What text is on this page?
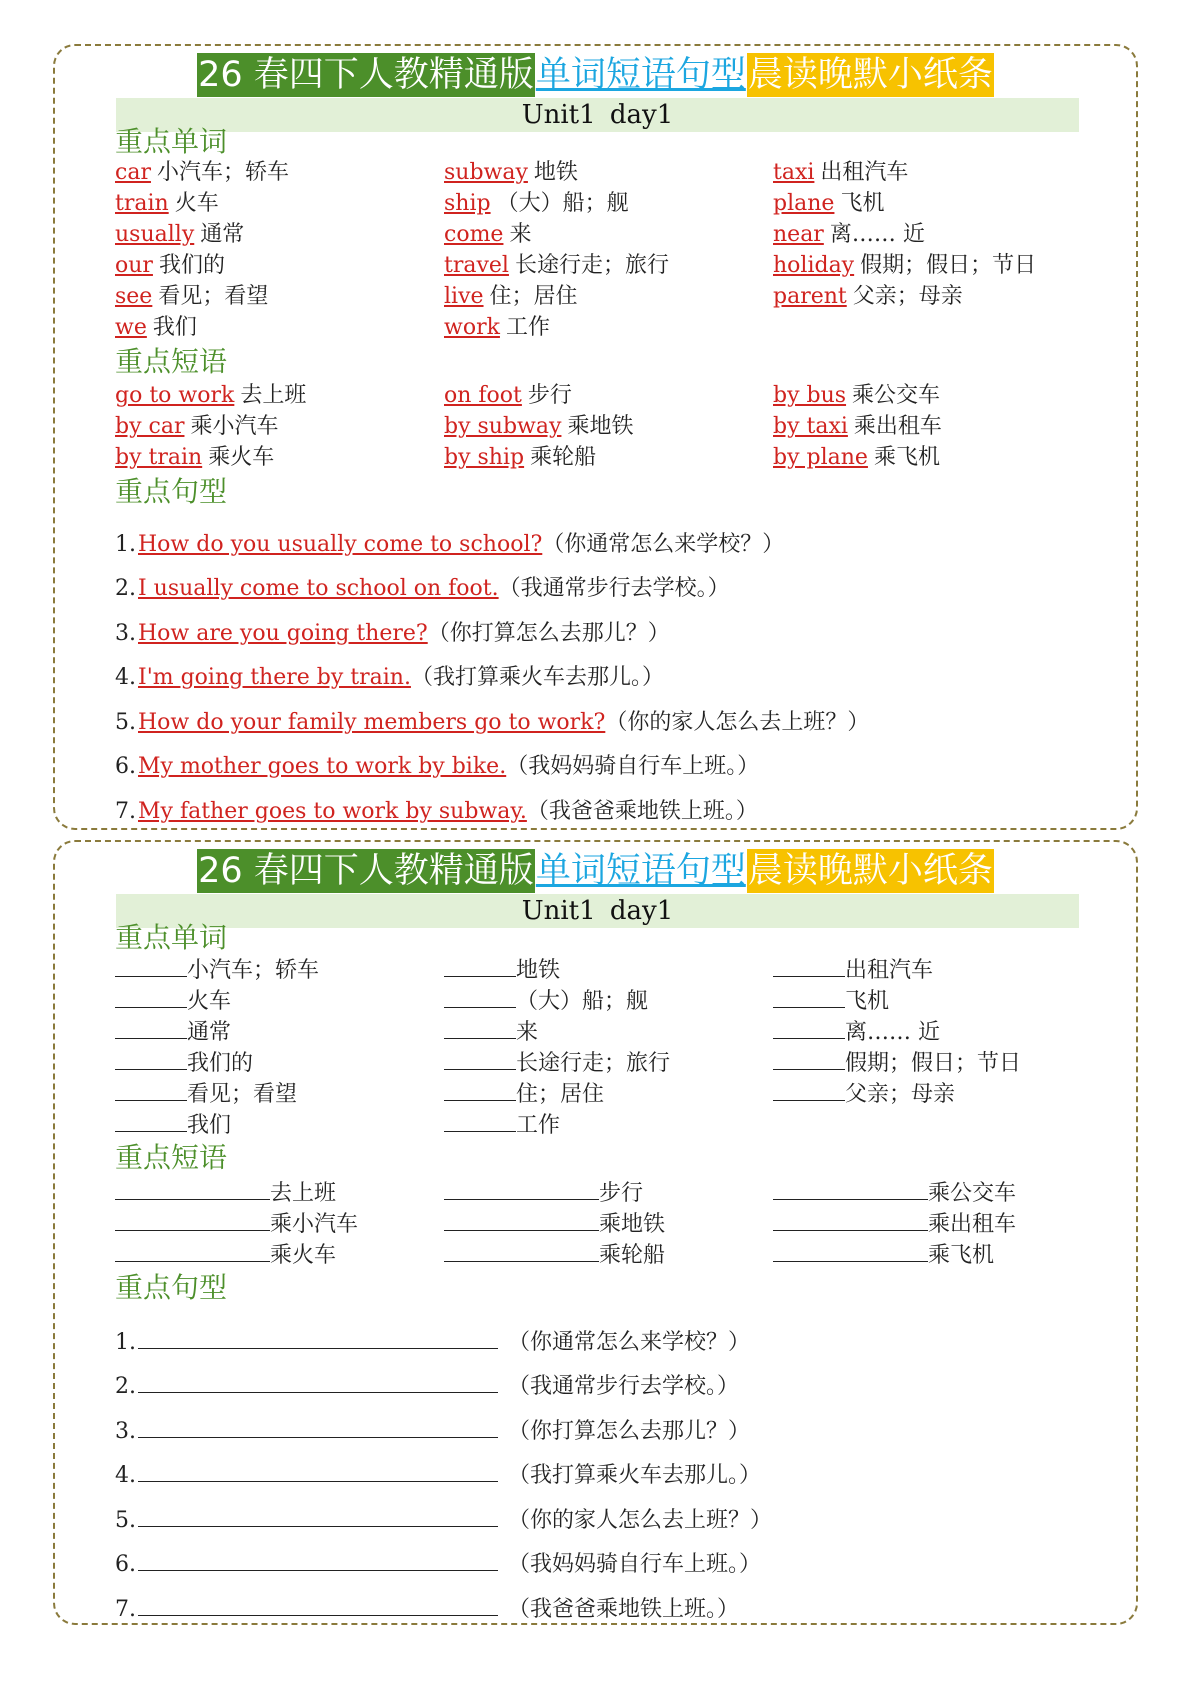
26 春四下人教精通版单词短语句型晨读晚默小纸条
Unit1 day1
重点单词
car 小汽车；轿车	subway 地铁	taxi 出租汽车
train 火车	ship （大）船；舰	plane 飞机
usually 通常	come 来	near 离…… 近
our 我们的	travel 长途行走；旅行	holiday 假期；假日；节日
see 看见；看望	live 住；居住	parent 父亲；母亲
we 我们	work 工作
重点短语
go to work 去上班	on foot 步行	by bus 乘公交车
by car 乘小汽车	by subway 乘地铁	by taxi 乘出租车
by train 乘火车	by ship 乘轮船	by plane 乘飞机
重点句型
1.How do you usually come to school?（你通常怎么来学校？）
2.I usually come to school on foot.（我通常步行去学校。）
3.How are you going there?（你打算怎么去那儿？）
4.I'm going there by train.（我打算乘火车去那儿。）
5.How do your family members go to work?（你的家人怎么去上班？）
6.My mother goes to work by bike.（我妈妈骑自行车上班。）
7.My father goes to work by subway.（我爸爸乘地铁上班。）
26 春四下人教精通版单词短语句型晨读晚默小纸条
Unit1 day1
重点单词
小汽车；轿车	地铁	出租汽车
火车	（大）船；舰	飞机
通常	来	离…… 近
我们的	长途行走；旅行	假期；假日；节日
看见；看望	住；居住	父亲；母亲
我们	工作
重点短语
去上班	步行	乘公交车
乘小汽车	乘地铁	乘出租车
乘火车	乘轮船	乘飞机
重点句型
1.	（你通常怎么来学校？）
2.	（我通常步行去学校。）
3.	（你打算怎么去那儿？）
4.	（我打算乘火车去那儿。）
5.	（你的家人怎么去上班？）
6.	（我妈妈骑自行车上班。）
7.	（我爸爸乘地铁上班。）
